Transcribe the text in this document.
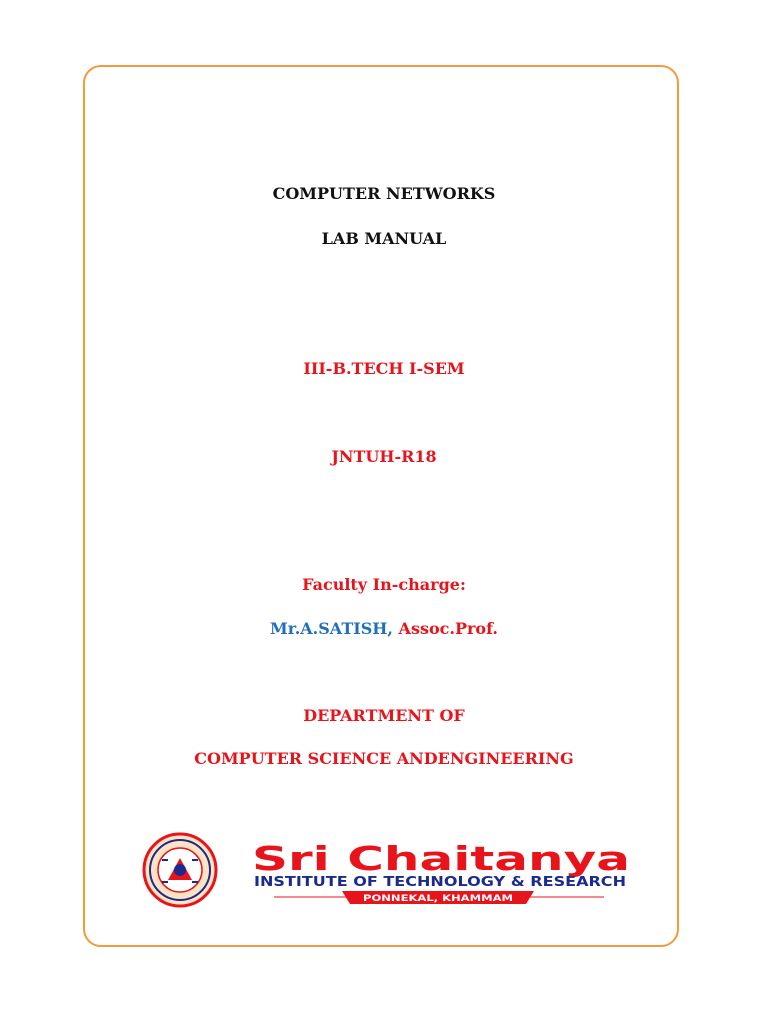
COMPUTER NETWORKS
LAB MANUAL
III-B.TECH I-SEM
JNTUH-R18
Faculty In-charge:
Mr.A.SATISH, Assoc.Prof.
DEPARTMENT OF
COMPUTER SCIENCE ANDENGINEERING
Sri Chaitanya
INSTITUTE OF TECHNOLOGY & RESEARCH
PONNEKAL, KHAMMAM
